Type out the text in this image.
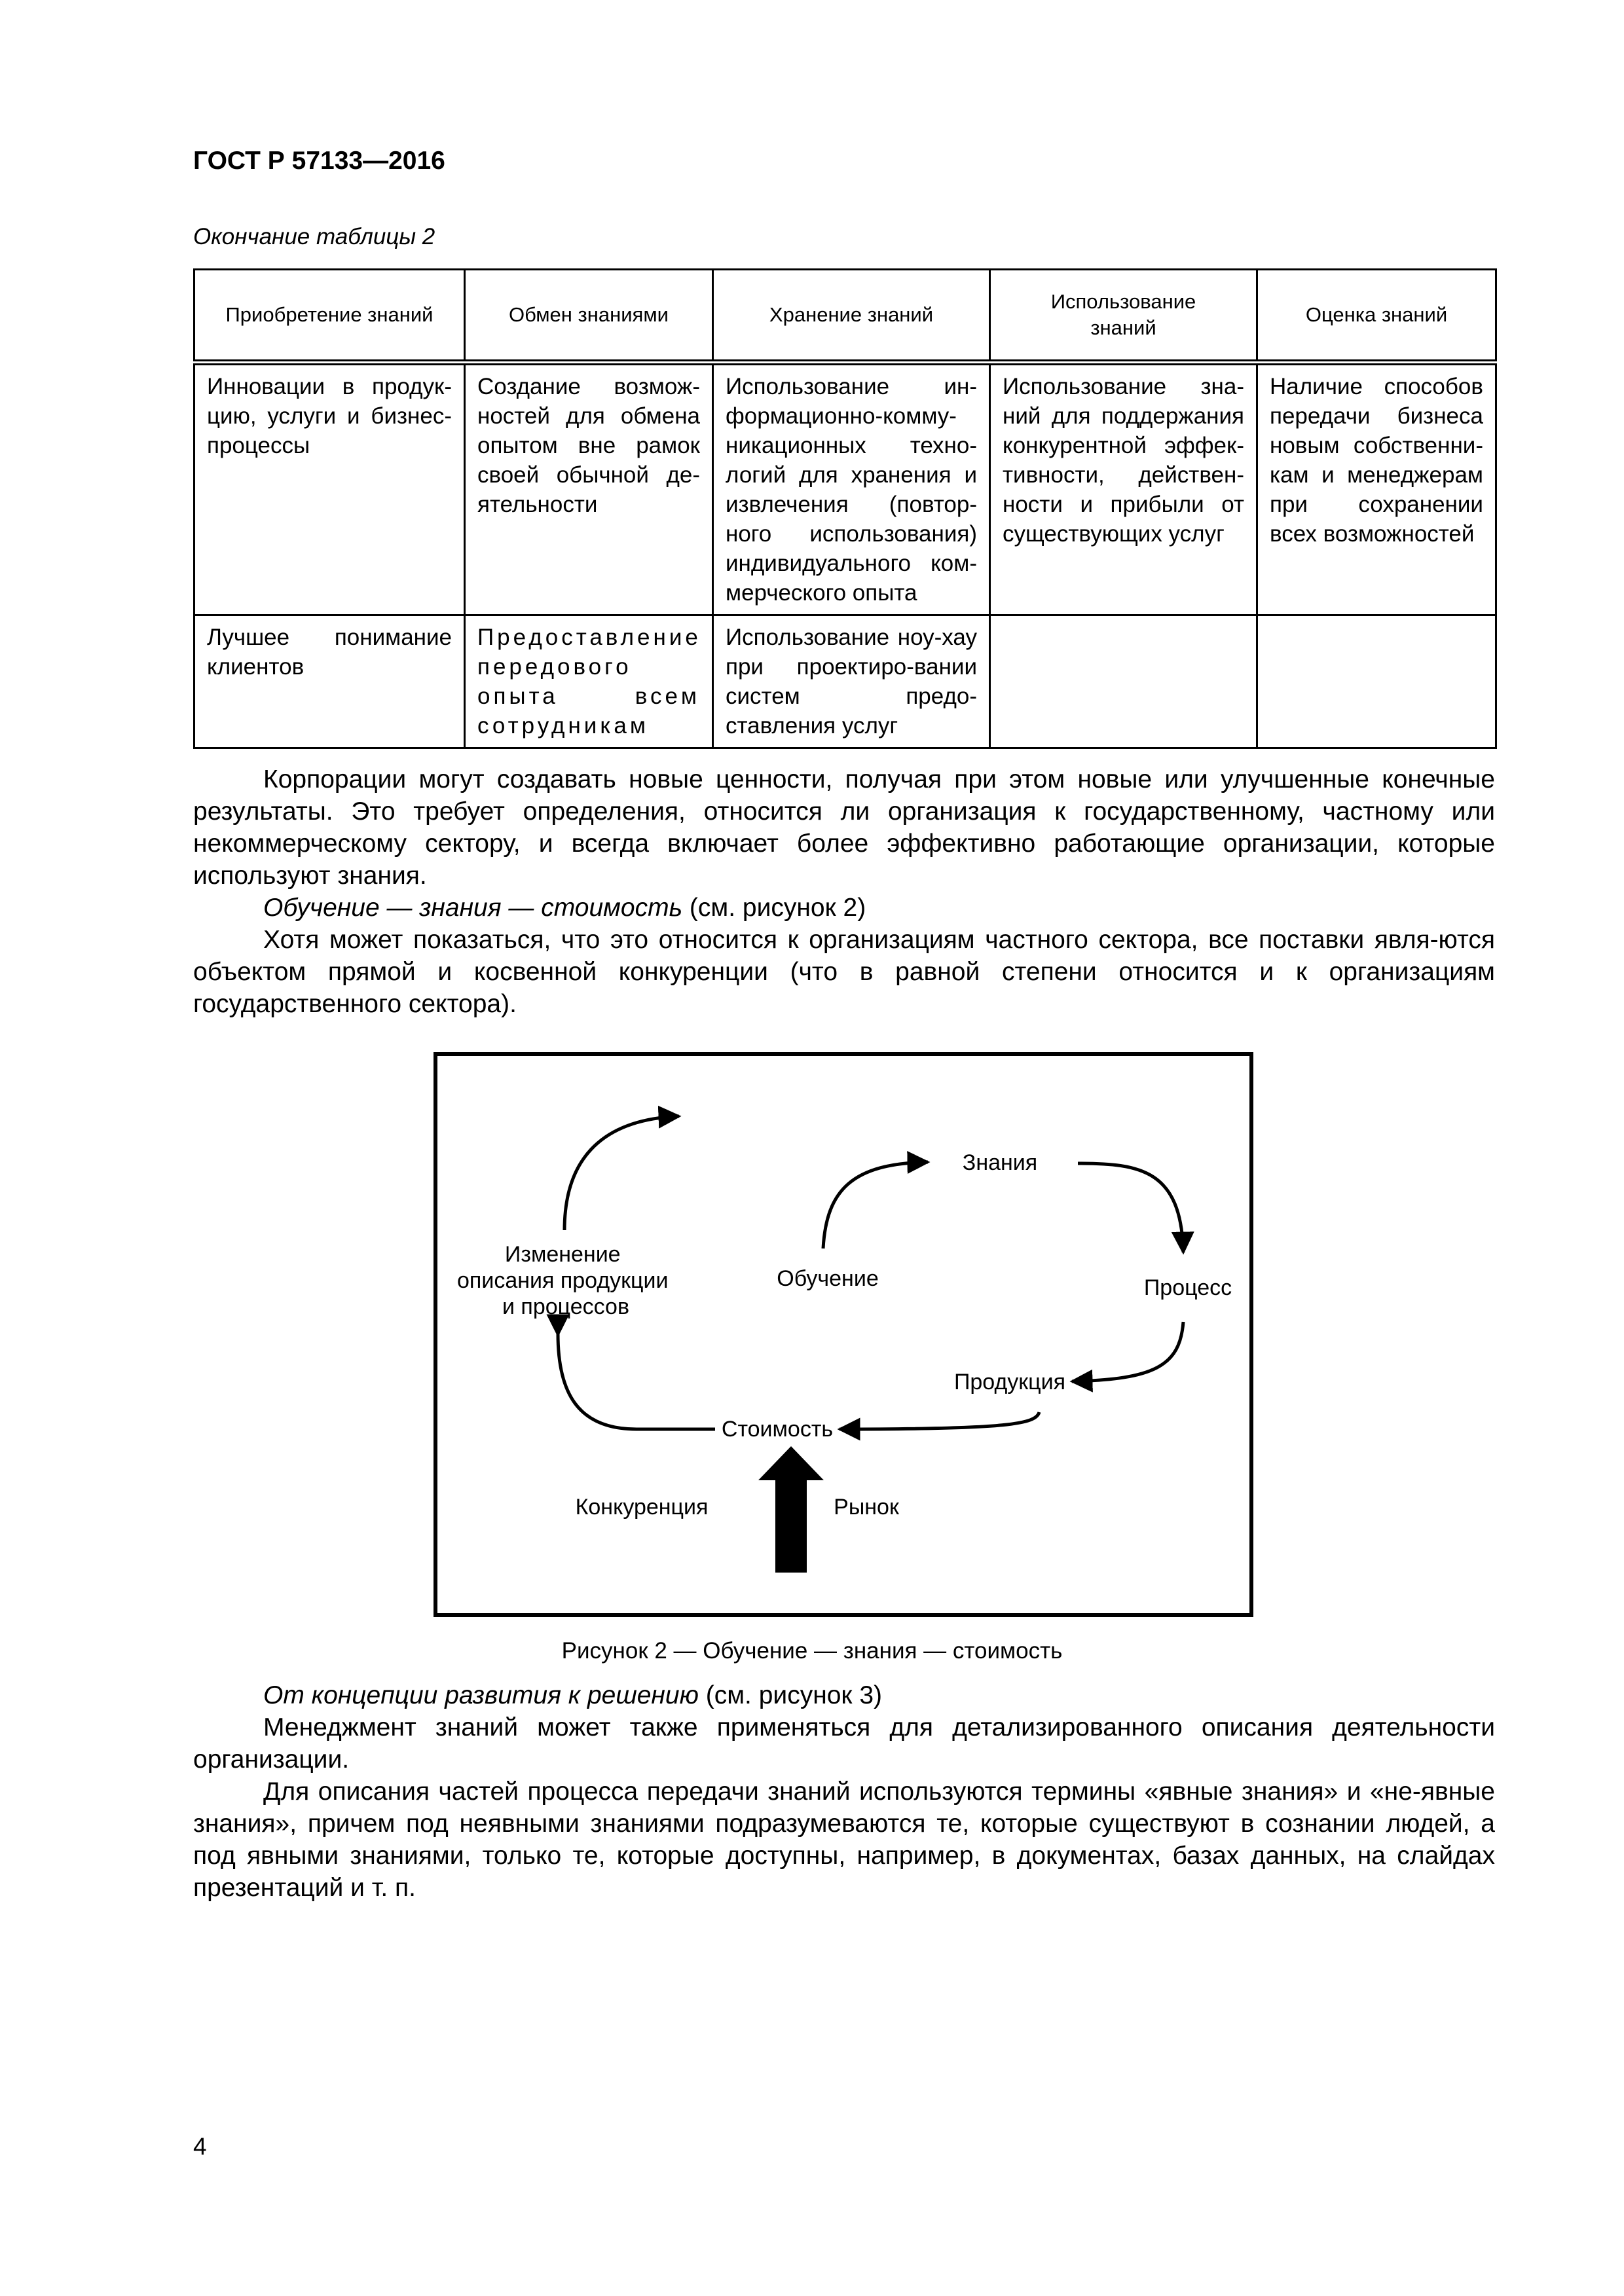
ГОСТ Р 57133—2016
Окончание таблицы 2
Приобретение знаний	Обмен знаниями	Хранение знаний	Использование знаний	Оценка знаний
Инновации в продук-цию, услуги и бизнес-процессы	Создание возмож-ностей для обмена опытом вне рамок своей обычной де-ятельности	Использование ин-формационно-комму-никационных техно-логий для хранения и извлечения (повтор-ного использования) индивидуального ком-мерческого опыта	Использование зна-ний для поддержания конкурентной эффек-тивности, действен-ности и прибыли от существующих услуг	Наличие способов передачи бизнеса новым собственни-кам и менеджерам при сохранении всех возможностей
Лучшее понимание клиентов	Предоставление передового опыта всем сотрудникам	Использование ноу-хау при проектиро-вании систем предо-ставления услуг		

Корпорации могут создавать новые ценности, получая при этом новые или улучшенные конечные результаты. Это требует определения, относится ли организация к государственному, частному или некоммерческому сектору, и всегда включает более эффективно работающие организации, которые используют знания.

Обучение — знания — стоимость (см. рисунок 2)

Хотя может показаться, что это относится к организациям частного сектора, все поставки явля-ются объектом прямой и косвенной конкуренции (что в равной степени относится и к организациям государственного сектора).

Изменение описания продукции и процессов
Обучение
Знания
Процесс
Продукция
Стоимость
Конкуренция	Рынок
Рисунок 2 — Обучение — знания — стоимость

От концепции развития к решению (см. рисунок 3)

Менеджмент знаний может также применяться для детализированного описания деятельности организации.

Для описания частей процесса передачи знаний используются термины «явные знания» и «не-явные знания», причем под неявными знаниями подразумеваются те, которые существуют в сознании людей, а под явными знаниями, только те, которые доступны, например, в документах, базах данных, на слайдах презентаций и т. п.

4
